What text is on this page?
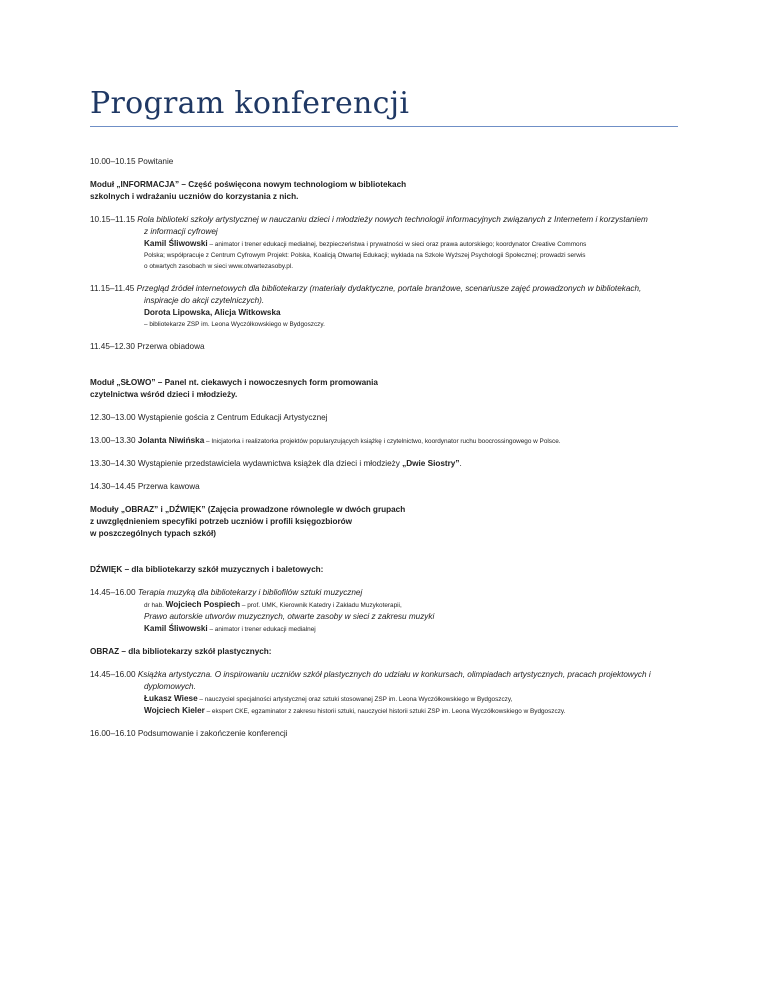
Program konferencji
10.00–10.15 Powitanie

Moduł „INFORMACJA” – Część poświęcona nowym technologiom w bibliotekach

szkolnych i wdrażaniu uczniów do korzystania z nich.

10.15–11.15 Rola biblioteki szkoły artystycznej w nauczaniu dzieci i młodzieży nowych technologii informacyjnych związanych z Internetem i korzystaniem

z informacji cyfrowej

Kamil Śliwowski – animator i trener edukacji medialnej, bezpieczeństwa i prywatności w sieci oraz prawa autorskiego; koordynator Creative Commons

Polska; współpracuje z Centrum Cyfrowym Projekt: Polska, Koalicją Otwartej Edukacji; wykłada na Szkole Wyższej Psychologii Społecznej; prowadzi serwis

o otwartych zasobach w sieci www.otwartezasoby.pl.

11.15–11.45 Przegląd źródeł internetowych dla bibliotekarzy (materiały dydaktyczne, portale branżowe, scenariusze zajęć prowadzonych w bibliotekach,

inspiracje do akcji czytelniczych).

Dorota Lipowska, Alicja Witkowska

– bibliotekarze ZSP im. Leona Wyczółkowskiego w Bydgoszczy.

11.45–12.30 Przerwa obiadowa

Moduł „SŁOWO” – Panel nt. ciekawych i nowoczesnych form promowania

czytelnictwa wśród dzieci i młodzieży.

12.30–13.00 Wystąpienie gościa z Centrum Edukacji Artystycznej
13.00–13.30 Jolanta Niwińska – Inicjatorka i realizatorka projektów popularyzujących książkę i czytelnictwo, koordynator ruchu boocrossingowego w Polsce.
13.30–14.30 Wystąpienie przedstawiciela wydawnictwa książek dla dzieci i młodzieży „Dwie Siostry”.
14.30–14.45 Przerwa kawowa

Moduły „OBRAZ” i „DŹWIĘK” (Zajęcia prowadzone równolegle w dwóch grupach

z uwzględnieniem specyfiki potrzeb uczniów i profili księgozbiorów

w poszczególnych typach szkół)

DŹWIĘK – dla bibliotekarzy szkół muzycznych i baletowych:

14.45–16.00 Terapia muzyką dla bibliotekarzy i bibliofilów sztuki muzycznej

dr hab. Wojciech Pospiech – prof. UMK, Kierownik Katedry i Zakładu Muzykoterapii,

Prawo autorskie utworów muzycznych, otwarte zasoby w sieci z zakresu muzyki

Kamil Śliwowski – animator i trener edukacji medialnej

OBRAZ – dla bibliotekarzy szkół plastycznych:

14.45–16.00 Książka artystyczna. O inspirowaniu uczniów szkół plastycznych do udziału w konkursach, olimpiadach artystycznych, pracach projektowych i

dyplomowych.

Łukasz Wiese – nauczyciel specjalności artystycznej oraz sztuki stosowanej ZSP im. Leona Wyczółkowskiego w Bydgoszczy,

Wojciech Kieler – ekspert CKE, egzaminator z zakresu historii sztuki, nauczyciel historii sztuki ZSP im. Leona Wyczółkowskiego w Bydgoszczy.

16.00–16.10 Podsumowanie i zakończenie konferencji
